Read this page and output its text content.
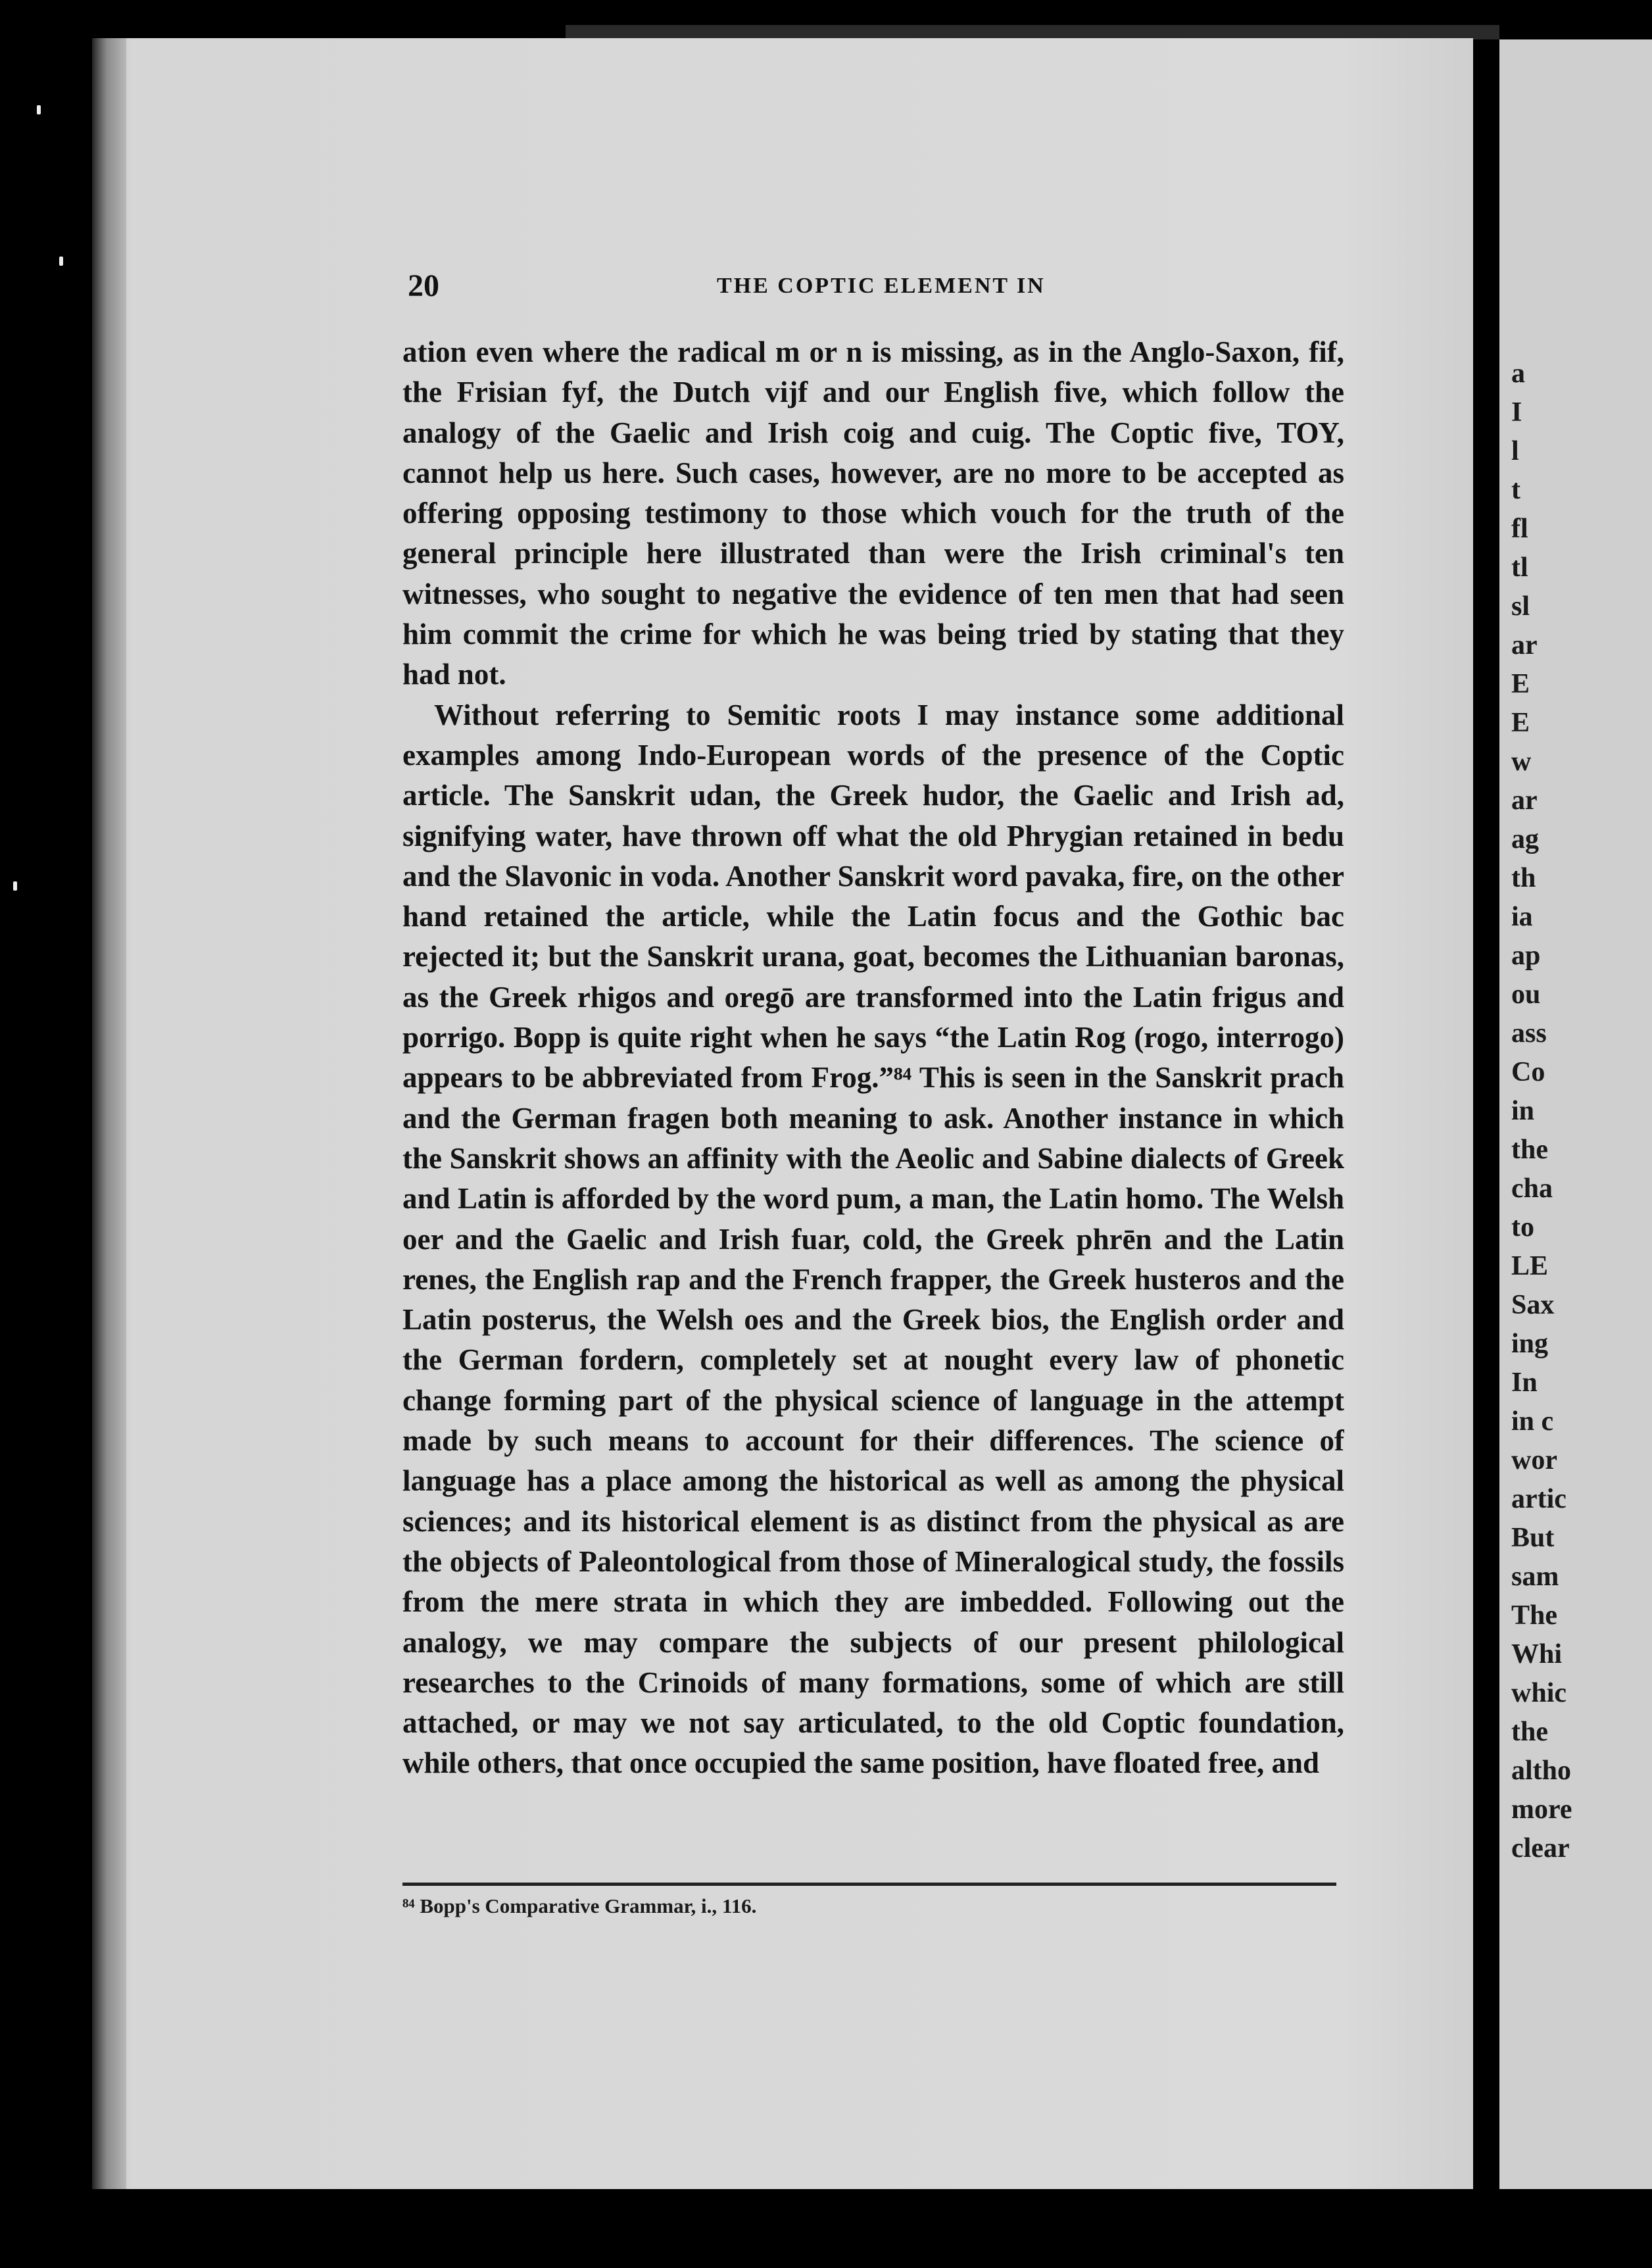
20	THE COPTIC ELEMENT IN

ation even where the radical m or n is missing, as in the Anglo-Saxon, fif, the Frisian fyf, the Dutch vijf and our English five, which follow the analogy of the Gaelic and Irish coig and cuig. The Coptic five, ΤΟΥ, cannot help us here. Such cases, however, are no more to be accepted as offering opposing testimony to those which vouch for the truth of the general principle here illustrated than were the Irish criminal's ten witnesses, who sought to negative the evidence of ten men that had seen him commit the crime for which he was being tried by stating that they had not.

Without referring to Semitic roots I may instance some additional examples among Indo-European words of the presence of the Coptic article. The Sanskrit udan, the Greek hudor, the Gaelic and Irish ad, signifying water, have thrown off what the old Phrygian retained in bedu and the Slavonic in voda. Another Sanskrit word pavaka, fire, on the other hand retained the article, while the Latin focus and the Gothic bac rejected it; but the Sanskrit urana, goat, becomes the Lithuanian baronas, as the Greek rhigos and oregō are transformed into the Latin frigus and porrigo. Bopp is quite right when he says “the Latin Rog (rogo, interrogo) appears to be abbreviated from Frog.”⁸⁴ This is seen in the Sanskrit prach and the German fragen both meaning to ask. Another instance in which the Sanskrit shows an affinity with the Aeolic and Sabine dialects of Greek and Latin is afforded by the word pum, a man, the Latin homo. The Welsh oer and the Gaelic and Irish fuar, cold, the Greek phrēn and the Latin renes, the English rap and the French frapper, the Greek husteros and the Latin posterus, the Welsh oes and the Greek bios, the English order and the German fordern, completely set at nought every law of phonetic change forming part of the physical science of language in the attempt made by such means to account for their differences. The science of language has a place among the historical as well as among the physical sciences; and its historical element is as distinct from the physical as are the objects of Paleontological from those of Mineralogical study, the fossils from the mere strata in which they are imbedded. Following out the analogy, we may compare the subjects of our present philological researches to the Crinoids of many formations, some of which are still attached, or may we not say articulated, to the old Coptic foundation, while others, that once occupied the same position, have floated free, and

⁸⁴ Bopp's Comparative Grammar, i., 116.
a
I
l
t
fl
tl
sl
ar
E
E
w
ar
ag
th
ia
ap
ou
ass
Co
in
the
cha
to
LE
Sax
ing
In
in c
wor
artic
But
sam
The
Whi
whic
the
altho
more
clear
